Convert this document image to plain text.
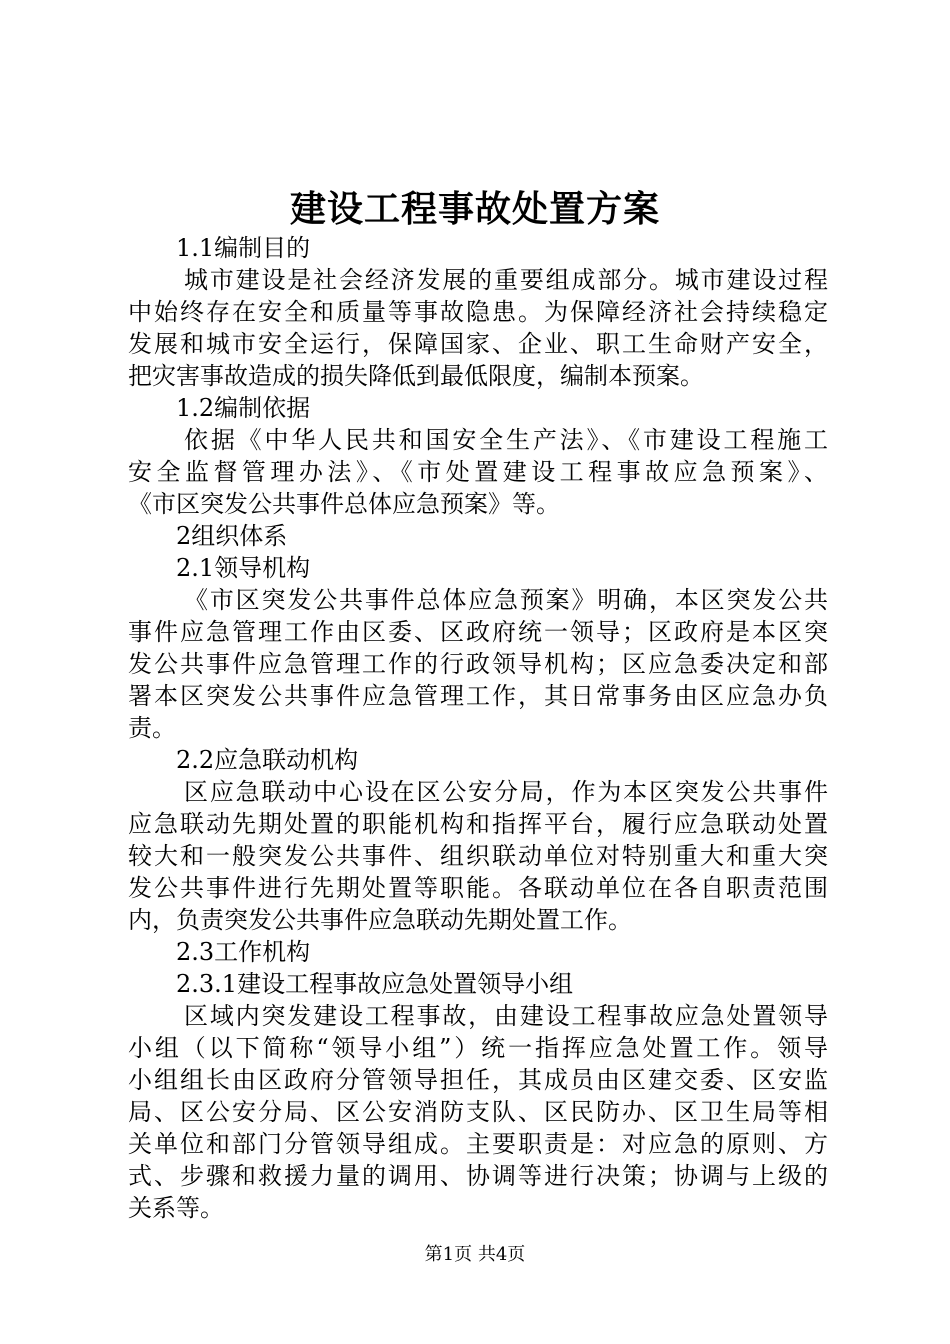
建设工程事故处置方案
1.1编制目的
城市建设是社会经济发展的重要组成部分。城市建设过程
中始终存在安全和质量等事故隐患。为保障经济社会持续稳定
发展和城市安全运行，保障国家、企业、职工生命财产安全，
把灾害事故造成的损失降低到最低限度，编制本预案。
1.2编制依据
依据《中华人民共和国安全生产法》、《市建设工程施工
安全监督管理办法》、《市处置建设工程事故应急预案》、
《市区突发公共事件总体应急预案》等。
2组织体系
2.1领导机构
《市区突发公共事件总体应急预案》明确，本区突发公共
事件应急管理工作由区委、区政府统一领导；区政府是本区突
发公共事件应急管理工作的行政领导机构；区应急委决定和部
署本区突发公共事件应急管理工作，其日常事务由区应急办负
责。
2.2应急联动机构
区应急联动中心设在区公安分局，作为本区突发公共事件
应急联动先期处置的职能机构和指挥平台，履行应急联动处置
较大和一般突发公共事件、组织联动单位对特别重大和重大突
发公共事件进行先期处置等职能。各联动单位在各自职责范围
内，负责突发公共事件应急联动先期处置工作。
2.3工作机构
2.3.1建设工程事故应急处置领导小组
区域内突发建设工程事故，由建设工程事故应急处置领导
小组（以下简称“领导小组”）统一指挥应急处置工作。领导
小组组长由区政府分管领导担任，其成员由区建交委、区安监
局、区公安分局、区公安消防支队、区民防办、区卫生局等相
关单位和部门分管领导组成。主要职责是：对应急的原则、方
式、步骤和救援力量的调用、协调等进行决策；协调与上级的
关系等。
第1页 共4页
